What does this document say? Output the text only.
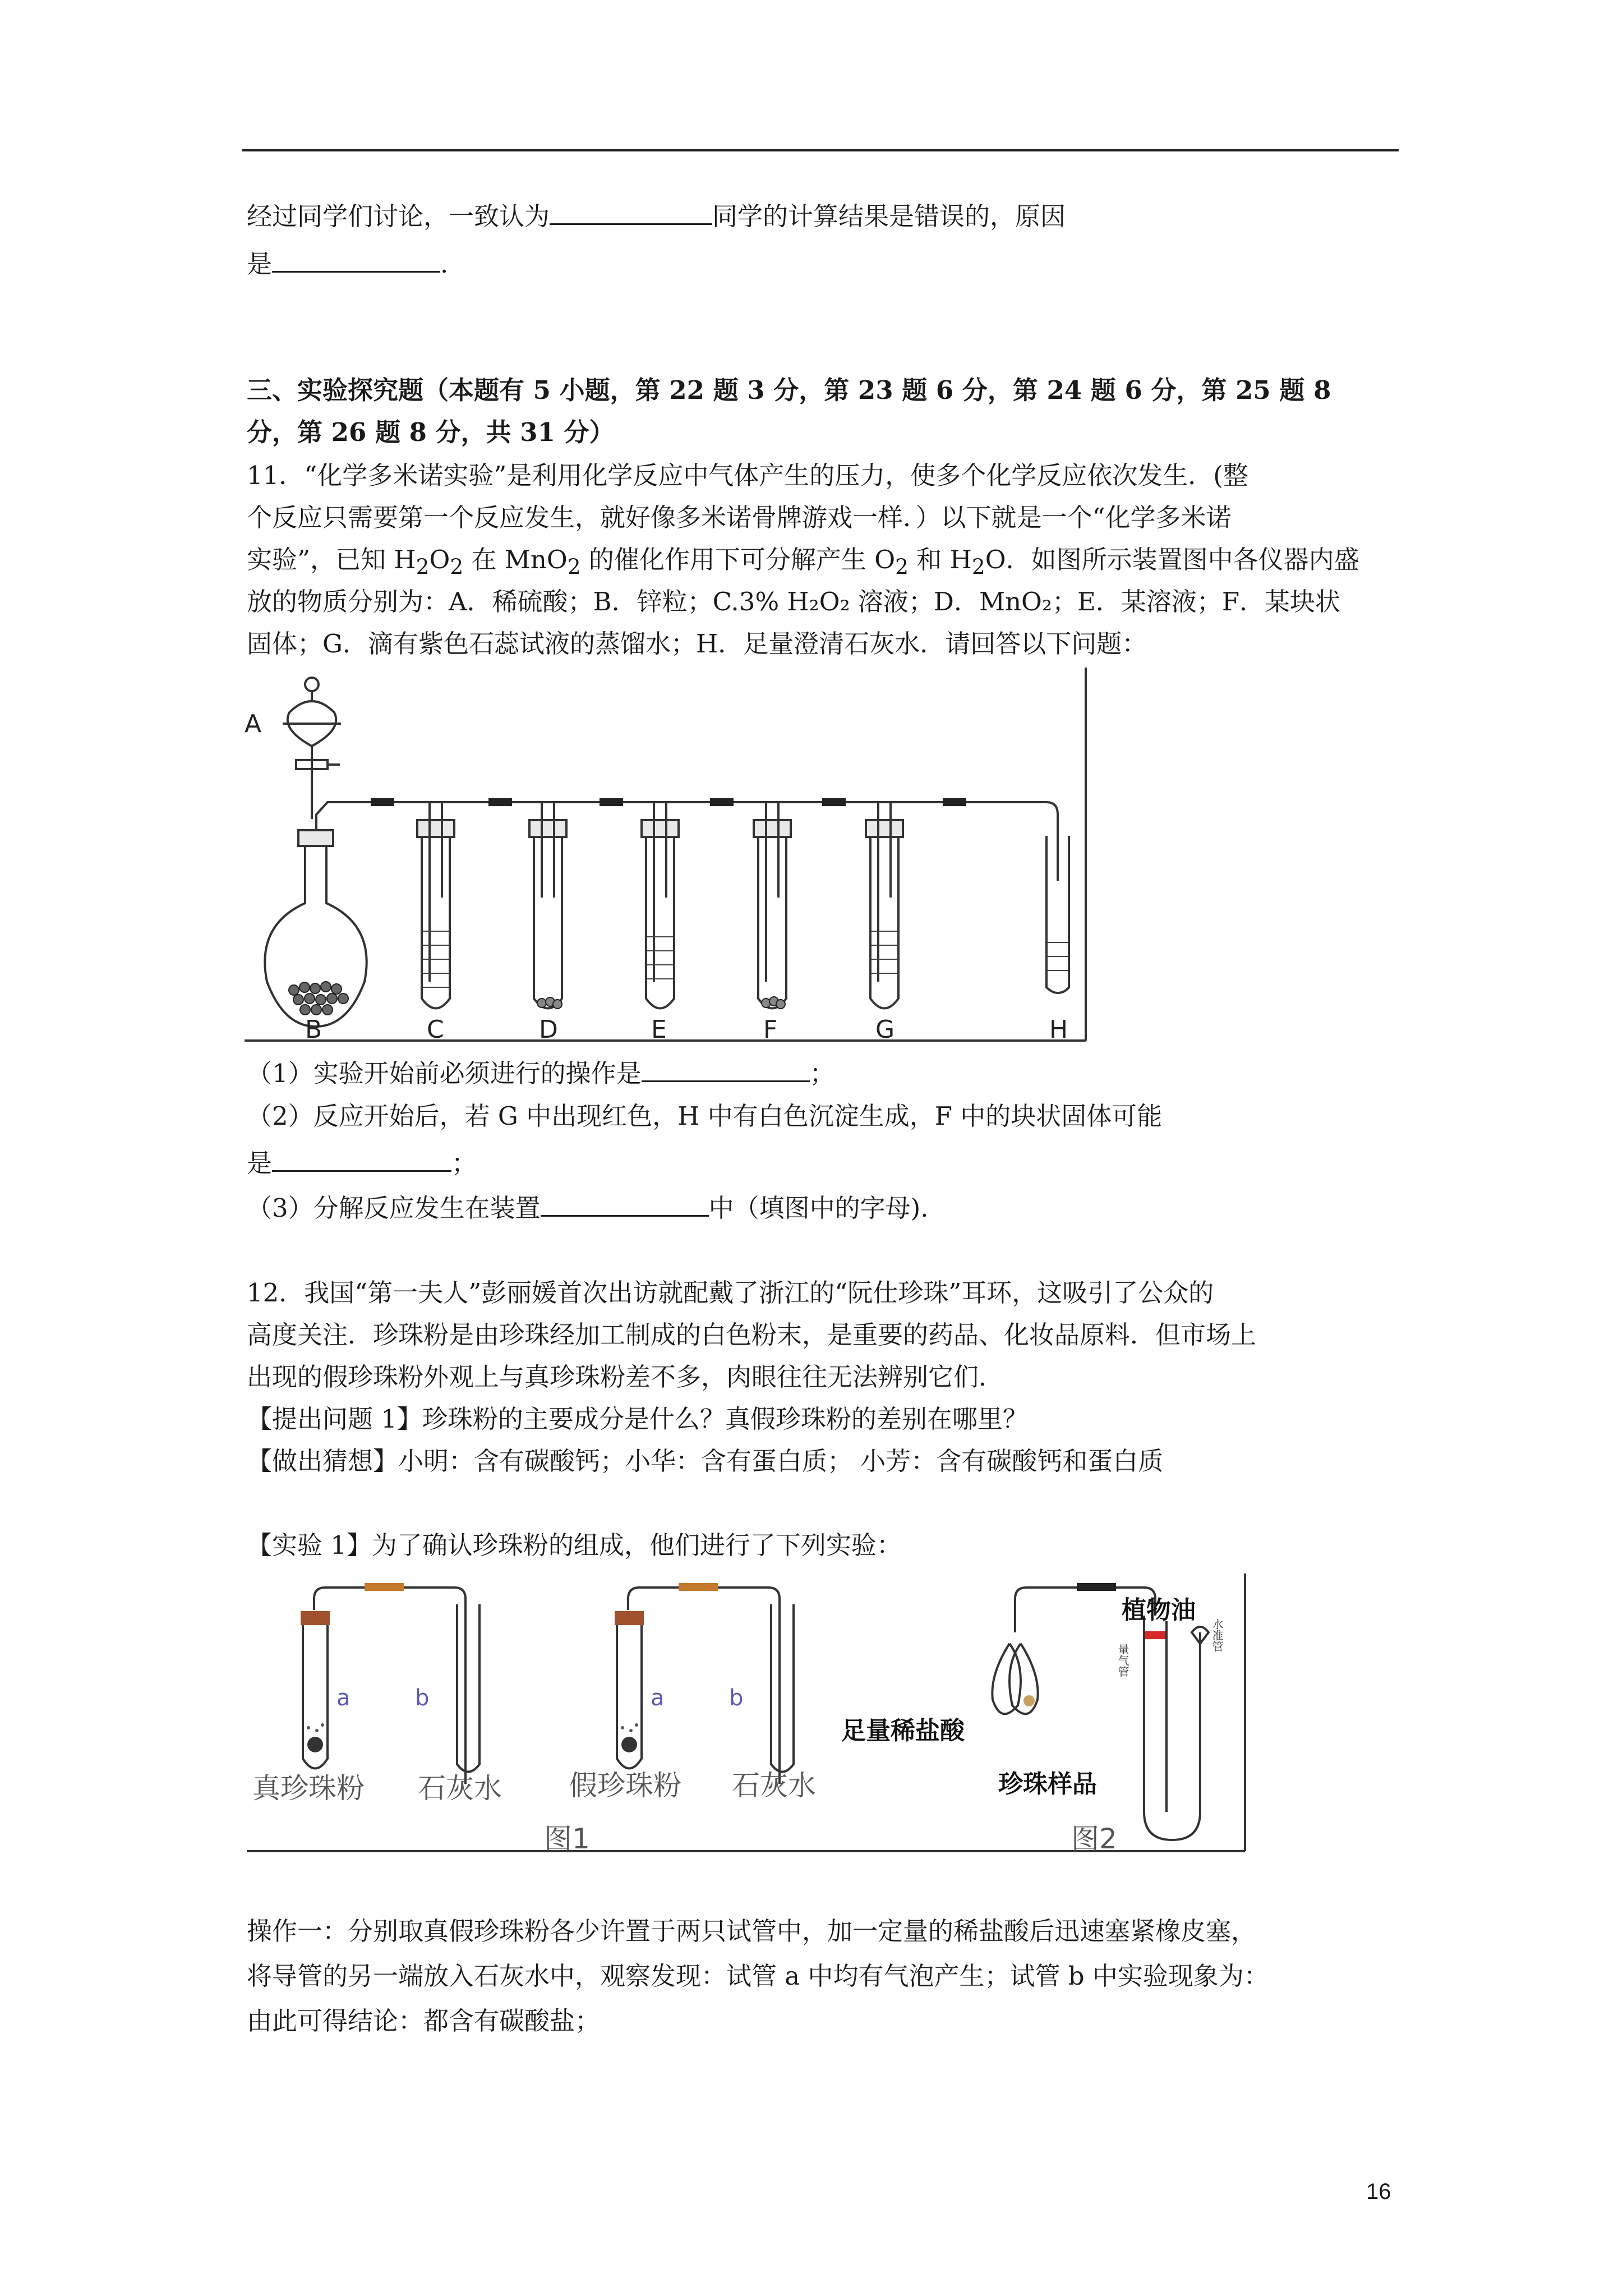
经过同学们讨论，一致认为	同学的计算结果是错误的，原因
是	.
三、实验探究题（本题有 5 小题，第 22 题 3 分，第 23 题 6 分，第 24 题 6 分，第 25 题 8
分，第 26 题 8 分，共 31 分）
11．“化学多米诺实验”是利用化学反应中气体产生的压力，使多个化学反应依次发生．(整
个反应只需要第一个反应发生，就好像多米诺骨牌游戏一样．）以下就是一个“化学多米诺
实验”，已知 $H_2O_2$ 在 MnO$_2$ 的催化作用下可分解产生 $O_2$ 和 $H_2O$．如图所示装置图中各仪器内盛
放的物质分别为：A．稀硫酸；B．锌粒；C.3% H₂O₂ 溶液；D．MnO₂；E．某溶液；F．某块状
固体；G．滴有紫色石蕊试液的蒸馏水；H．足量澄清石灰水．请回答以下问题：
A
B	C	D	E	F	G	H
（1）实验开始前必须进行的操作是	；
（2）反应开始后，若 G 中出现红色，H 中有白色沉淀生成，F 中的块状固体可能
是	；
（3）分解反应发生在装置	中（填图中的字母).
12．我国“第一夫人”彭丽媛首次出访就配戴了浙江的“阮仕珍珠”耳环，这吸引了公众的
高度关注．珍珠粉是由珍珠经加工制成的白色粉末，是重要的药品、化妆品原料．但市场上
出现的假珍珠粉外观上与真珍珠粉差不多，肉眼往往无法辨别它们．
【提出问题 1】珍珠粉的主要成分是什么？真假珍珠粉的差别在哪里？
【做出猜想】小明：含有碳酸钙；小华：含有蛋白质； 小芳：含有碳酸钙和蛋白质
【实验 1】为了确认珍珠粉的组成，他们进行了下列实验：
a	b	a	b
真珍珠粉 石灰水 假珍珠粉 石灰水
图1	图2
植物油
足量稀盐酸
珍珠样品
量气管
水准管
操作一：分别取真假珍珠粉各少许置于两只试管中，加一定量的稀盐酸后迅速塞紧橡皮塞，
将导管的另一端放入石灰水中，观察发现：试管 a 中均有气泡产生；试管 b 中实验现象为：
由此可得结论：都含有碳酸盐；
16
